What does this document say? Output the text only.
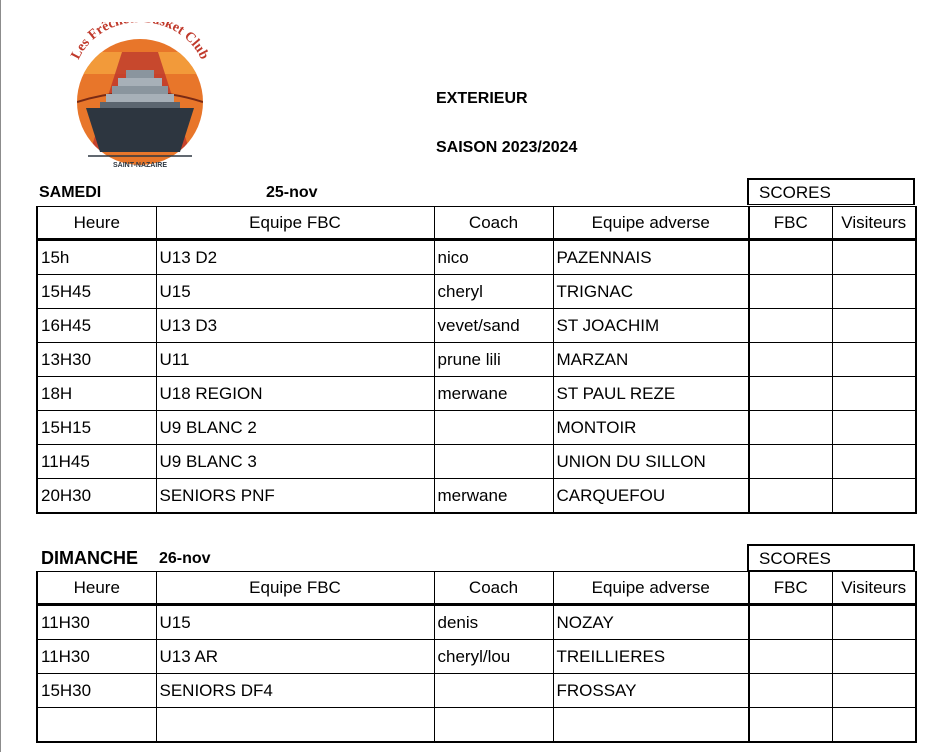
Les Frêc ket Club
SAINT-NAZAIRE
EXTERIEUR
SAISON 2023/2024
SAMEDI	25-nov	SCORES
Heure	Equipe FBC	Coach	Equipe adverse	FBC	Visiteurs
15h	U13 D2	nico	PAZENNAIS		
15H45	U15	cheryl	TRIGNAC		
16H45	U13 D3	vevet/sand	ST JOACHIM		
13H30	U11	prune lili	MARZAN		
18H	U18 REGION	merwane	ST PAUL REZE		
15H15	U9 BLANC 2		MONTOIR		
11H45	U9 BLANC 3		UNION DU SILLON		
20H30	SENIORS PNF	merwane	CARQUEFOU		
DIMANCHE 26-nov	SCORES
Heure	Equipe FBC	Coach	Equipe adverse	FBC	Visiteurs
11H30	U15	denis	NOZAY		
11H30	U13 AR	cheryl/lou	TREILLIERES		
15H30	SENIORS DF4		FROSSAY		
